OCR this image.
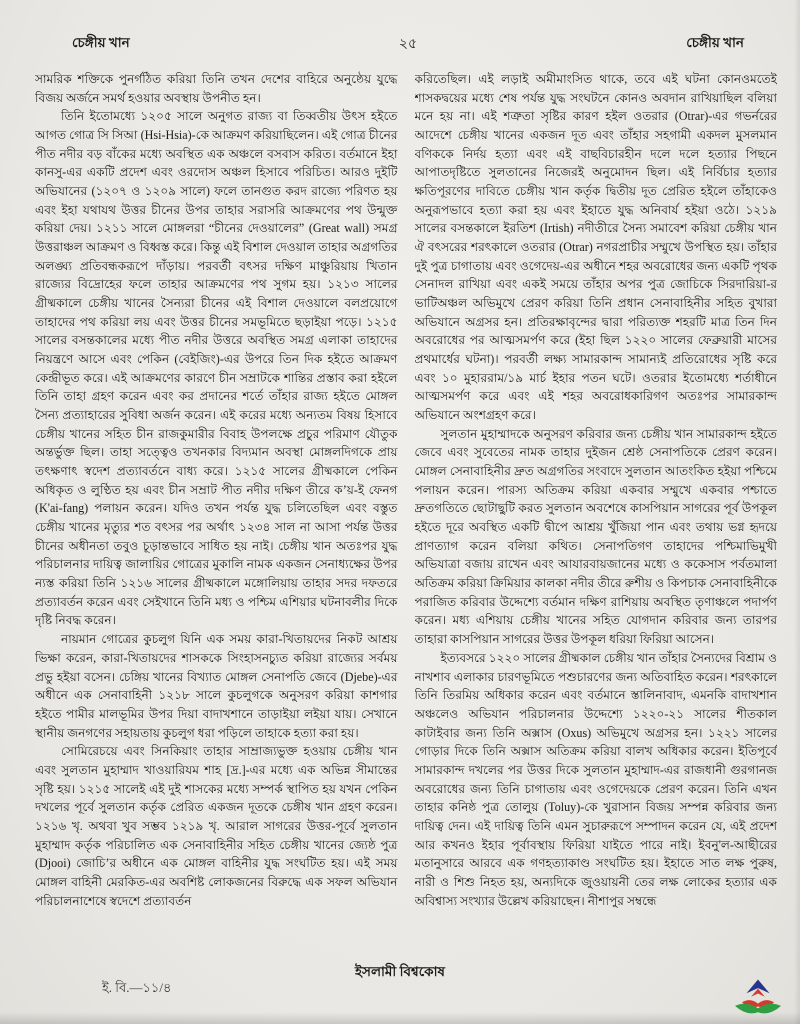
চেঙ্গীয় খান	২৫	চেঙ্গীয় খান

সামরিক শক্তিকে পুনর্গঠিত করিয়া তিনি তখন দেশের বাহিরে অনুষ্ঠেয় যুদ্ধে বিজয় অর্জনে সমর্থ হওয়ার অবস্থায় উপনীত হন।

তিনি ইতোমধ্যে ১২০৫ সালে অনুগত রাজ্য বা তিব্বতীয় উৎস হইতে আগত গোত্র সি সিআ (Hsi-Hsia)-কে আক্রমণ করিয়াছিলেন। এই গোত্র চীনের পীত নদীর বড় বাঁকের মধ্যে অবস্থিত এক অঞ্চলে বসবাস করিত। বর্তমানে ইহা কানসু-এর একটি প্রদেশ এবং ওরদোস অঞ্চল হিসাবে পরিচিত। আরও দুইটি অভিযানের (১২০৭ ও ১২০৯ সালে) ফলে তানগুত করদ রাজ্যে পরিণত হয় এবং ইহা যথাযথ উত্তর চীনের উপর তাহার সরাসরি আক্রমণের পথ উন্মুক্ত করিয়া দেয়। ১২১১ সালে মোঙ্গলরা “চীনের দেওয়ালের” (Great wall) সমগ্র উত্তরাঞ্চল আক্রমণ ও বিধ্বস্ত করে। কিন্তু এই বিশাল দেওয়াল তাহার অগ্রগতির অলঙ্ঘ্য প্রতিবন্ধকরূপে দাঁড়ায়। পরবর্তী বৎসর দক্ষিণ মাঞ্চুরিয়ায় খিতান রাজ্যের বিদ্রোহের ফলে তাহার আক্রমণের পথ সুগম হয়। ১২১৩ সালের গ্রীষ্মকালে চেঙ্গীয় খানের সৈন্যরা চীনের এই বিশাল দেওয়ালে বলপ্রয়োগে তাহাদের পথ করিয়া লয় এবং উত্তর চীনের সমভূমিতে ছড়াইয়া পড়ে। ১২১৫ সালের বসন্তকালের মধ্যে পীত নদীর উত্তরে অবস্থিত সমগ্র এলাকা তাহাদের নিয়ন্ত্রণে আসে এবং পেকিন (বেইজিং)-এর উপরে তিন দিক হইতে আক্রমণ কেন্দ্রীভূত করে। এই আক্রমণের কারণে চীন সম্রাটকে শান্তির প্রস্তাব করা হইলে তিনি তাহা গ্রহণ করেন এবং কর প্রদানের শর্তে তাঁহার রাজ্য হইতে মোঙ্গল সৈন্য প্রত্যাহারের সুবিধা অর্জন করেন। এই করের মধ্যে অন্যতম বিষয় হিসাবে চেঙ্গীয় খানের সহিত চীন রাজকুমারীর বিবাহ উপলক্ষে প্রচুর পরিমাণ যৌতুক অন্তর্ভুক্ত ছিল। তাহা সত্ত্বেও তখনকার বিদ্যমান অবস্থা মোঙ্গলদিগকে প্রায় তৎক্ষণাৎ স্বদেশ প্রত্যাবর্তনে বাধ্য করে। ১২১৫ সালের গ্রীষ্মকালে পেকিন অধিকৃত ও লুণ্ঠিত হয় এবং চীন সম্রাট পীত নদীর দক্ষিণ তীরে ক’য়-ই ফেনগ (K'ai-fang) পলায়ন করেন। যদিও তখন পর্যন্ত যুদ্ধ চলিতেছিল এবং বস্তুত চেঙ্গীয় খানের মৃত্যুর শত বৎসর পর অর্থাৎ ১২৩৪ সাল না আসা পর্যন্ত উত্তর চীনের অধীনতা তবুও চূড়ান্তভাবে সাধিত হয় নাই। চেঙ্গীয় খান অতঃপর যুদ্ধ পরিচালনার দায়িত্ব জালায়ির গোত্রের মুকালি নামক একজন সেনাধ্যক্ষের উপর ন্যস্ত করিয়া তিনি ১২১৬ সালের গ্রীষ্মকালে মঙ্গোলিয়ায় তাহার সদর দফতরে প্রত্যাবর্তন করেন এবং সেইখানে তিনি মধ্য ও পশ্চিম এশিয়ার ঘটনাবলীর দিকে দৃষ্টি নিবদ্ধ করেন।

নায়মান গোত্রের কুচলুগ যিনি এক সময় কারা-খিতায়দের নিকট আশ্রয় ভিক্ষা করেন, কারা-খিতায়দের শাসককে সিংহাসনচ্যুত করিয়া রাজ্যের সর্বময় প্রভু হইয়া বসেন। চেঙ্গিয় খানের বিখ্যাত মোঙ্গল সেনাপতি জেবে (Djebe)-এর অধীনে এক সেনাবাহিনী ১২১৮ সালে কুচলুগকে অনুসরণ করিয়া কাশগার হইতে পামীর মালভূমির উপর দিয়া বাদাখশানে তাড়াইয়া লইয়া যায়। সেখানে স্থানীয় জনগণের সহায়তায় কুচলুগ ধরা পড়িলে তাহাকে হত্যা করা হয়।

সোমিরেচয়ে এবং সিনকিয়াং তাহার সাম্রাজ্যভুক্ত হওয়ায় চেঙ্গীয় খান এবং সুলতান মুহাম্মাদ খাওয়ারিযম শাহ [দ্র.]-এর মধ্যে এক অভিন্ন সীমান্তের সৃষ্টি হয়। ১২১৫ সালেই এই দুই শাসকের মধ্যে সম্পর্ক স্থাপিত হয় যখন পেকিন দখলের পূর্বে সুলতান কর্তৃক প্রেরিত একজন দূতকে চেঙ্গীষ খান গ্রহণ করেন। ১২১৬ খৃ. অথবা খুব সম্ভব ১২১৯ খৃ. আরাল সাগরের উত্তর-পূর্বে সুলতান মুহাম্মাদ কর্তৃক পরিচালিত এক সেনাবাহিনীর সহিত চেঙ্গীয় খানের জ্যেষ্ঠ পুত্র (Djooi) জোচি’র অধীনে এক মোঙ্গল বাহিনীর যুদ্ধ সংঘটিত হয়। এই সময় মোঙ্গল বাহিনী মেরকিত-এর অবশিষ্ট লোকজনের বিরুদ্ধে এক সফল অভিযান পরিচালনাশেষে স্বদেশে প্রত্যাবর্তন

করিতেছিল। এই লড়াই অমীমাংসিত থাকে, তবে এই ঘটনা কোনওমতেই শাসকদ্বয়ের মধ্যে শেষ পর্যন্ত যুদ্ধ সংঘটনে কোনও অবদান রাখিয়াছিল বলিয়া মনে হয় না। এই শত্রুতা সৃষ্টির কারণ হইল ওতরার (Otrar)-এর গভর্নরের আদেশে চেঙ্গীয় খানের একজন দূত এবং তাঁহার সহগামী একদল মুসলমান বণিককে নির্দয় হত্যা এবং এই বাছবিচারহীন দলে দলে হত্যার পিছনে আপাতদৃষ্টিতে সুলতানের নিজেরই অনুমোদন ছিল। এই নির্বিচার হত্যার ক্ষতিপূরণের দাবিতে চেঙ্গীয় খান কর্তৃক দ্বিতীয় দূত প্রেরিত হইলে তাঁহাকেও অনুরূপভাবে হত্যা করা হয় এবং ইহাতে যুদ্ধ অনিবার্য হইয়া ওঠে। ১২১৯ সালের বসন্তকালে ইরতিশ (Irtish) নদীতীরে সৈন্য সমাবেশ করিয়া চেঙ্গীয় খান ঐ বৎসরের শরৎকালে ওতরার (Otrar) নগরপ্রাচীর সম্মুখে উপস্থিত হয়। তাঁহার দুই পুত্র চাগাতায় এবং ওগেদেয়-এর অধীনে শহর অবরোধের জন্য একটি পৃথক সেনাদল রাখিয়া এবং একই সময়ে তাঁহার অপর পুত্র জোচিকে সিরদারিয়া-র ভাটিঅঞ্চল অভিমুখে প্রেরণ করিয়া তিনি প্রধান সেনাবাহিনীর সহিত বুখারা অভিযানে অগ্রসর হন। প্রতিরক্ষাবৃন্দের দ্বারা পরিত্যক্ত শহরটি মাত্র তিন দিন অবরোধের পর আত্মসমর্পণ করে (ইহা ছিল ১২২০ সালের ফেব্রুয়ারী মাসের প্রথমার্ধের ঘটনা)। পরবর্তী লক্ষ্য সামারকান্দ সামান্যই প্রতিরোধের সৃষ্টি করে এবং ১০ মুহাররাম/১৯ মার্চ ইহার পতন ঘটে। ওতরার ইতোমধ্যে শর্তাধীনে আত্মসমর্পণ করে এবং এই শহর অবরোধকারিগণ অতঃপর সামারকান্দ অভিযানে অংশগ্রহণ করে।

সুলতান মুহাম্মাদকে অনুসরণ করিবার জন্য চেঙ্গীয় খান সামারকান্দ হইতে জেবে এবং সুবেতের নামক তাহার দুইজন শ্রেষ্ঠ সেনাপতিকে প্রেরণ করেন। মোঙ্গল সেনাবাহিনীর দ্রুত অগ্রগতির সংবাদে সুলতান আতংকিত হইয়া পশ্চিমে পলায়ন করেন। পারস্য অতিক্রম করিয়া একবার সম্মুখে একবার পশ্চাতে দ্রুতগতিতে ছোটাছুটি করত সুলতান অবশেষে কাসপিয়ান সাগরের পূর্ব উপকূল হইতে দূরে অবস্থিত একটি দ্বীপে আশ্রয় খুঁজিয়া পান এবং তথায় ভগ্ন হৃদয়ে প্রাণত্যাগ করেন বলিয়া কথিত। সেনাপতিগণ তাহাদের পশ্চিমাভিমুখী অভিযাত্রা বজায় রাখেন এবং আযারবায়জানের মধ্যে ও ককেসাস পর্বতমালা অতিক্রম করিয়া ক্রিমিয়ার কালকা নদীর তীরে রুশীয় ও কিপচাক সেনাবাহিনীকে পরাজিত করিবার উদ্দেশ্যে বর্তমান দক্ষিণ রাশিয়ায় অবস্থিত তৃণাঞ্চলে পদার্পণ করেন। মধ্য এশিয়ায় চেঙ্গীয় খানের সহিত যোগদান করিবার জন্য তারপর তাহারা কাসপিয়ান সাগরের উত্তর উপকূল ধরিয়া ফিরিয়া আসেন।

ইত্যবসরে ১২২০ সালের গ্রীষ্মকাল চেঙ্গীয় খান তাঁহার সৈন্যদের বিশ্রাম ও নাখশাব এলাকার চারণভূমিতে পশুচারণের জন্য অতিবাহিত করেন। শরৎকালে তিনি তিরমিয় অধিকার করেন এবং বর্তমানে স্তালিনাবাদ, এমনকি বাদাখশান অঞ্চলেও অভিযান পরিচালনার উদ্দেশ্যে ১২২০-২১ সালের শীতকাল কাটাইবার জন্য তিনি অক্সাস (Oxus) অভিমুখে অগ্রসর হন। ১২২১ সালের গোড়ার দিকে তিনি অক্সাস অতিক্রম করিয়া বালখ অধিকার করেন। ইতিপূর্বে সামারকান্দ দখলের পর উত্তর দিকে সুলতান মুহাম্মাদ-এর রাজধানী গুরগানজ অবরোধের জন্য তিনি চাগাতায় এবং ওগেদেয়কে প্রেরণ করেন। তিনি এখন তাহার কনিষ্ঠ পুত্র তোলুয় (Toluy)-কে খুরাসান বিজয় সম্পন্ন করিবার জন্য দায়িত্ব দেন। এই দায়িত্ব তিনি এমন সুচারুরূপে সম্পাদন করেন যে, এই প্রদেশ আর কখনও ইহার পূর্বাবস্থায় ফিরিয়া যাইতে পারে নাই। ইবনু'ল-আছীরের মতানুসারে আরবে এক গণহত্যাকাণ্ড সংঘটিত হয়। ইহাতে সাত লক্ষ পুরুষ, নারী ও শিশু নিহত হয়, অন্যদিকে জুওয়ায়নী তের লক্ষ লোকের হত্যার এক অবিশ্বাস্য সংখ্যার উল্লেখ করিয়াছেন। নীশাপুর সম্বন্ধে

ই. বি.—১১/৪
ইসলামী বিশ্বকোষ
